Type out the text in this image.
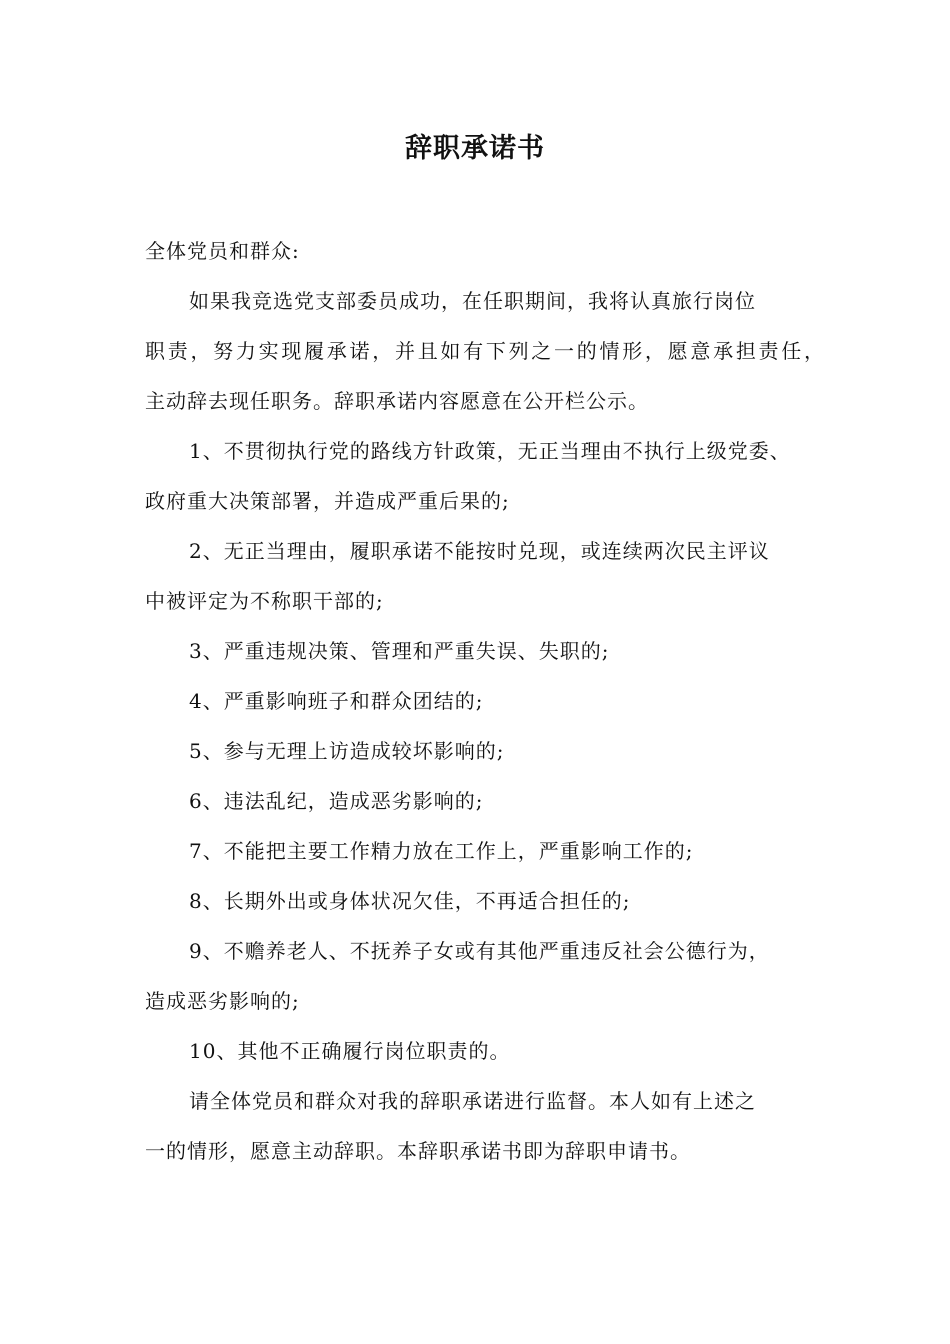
辞职承诺书
全体党员和群众:
如果我竞选党支部委员成功，在任职期间，我将认真旅行岗位
职责，努力实现履承诺，并且如有下列之一的情形，愿意承担责任，
主动辞去现任职务。辞职承诺内容愿意在公开栏公示。
1、不贯彻执行党的路线方针政策，无正当理由不执行上级党委、
政府重大决策部署，并造成严重后果的;
2、无正当理由，履职承诺不能按时兑现，或连续两次民主评议
中被评定为不称职干部的;
3、严重违规决策、管理和严重失误、失职的;
4、严重影响班子和群众团结的;
5、参与无理上访造成较坏影响的;
6、违法乱纪，造成恶劣影响的;
7、不能把主要工作精力放在工作上，严重影响工作的;
8、长期外出或身体状况欠佳，不再适合担任的;
9、不赡养老人、不抚养子女或有其他严重违反社会公德行为，
造成恶劣影响的;
10、其他不正确履行岗位职责的。
请全体党员和群众对我的辞职承诺进行监督。本人如有上述之
一的情形，愿意主动辞职。本辞职承诺书即为辞职申请书。
